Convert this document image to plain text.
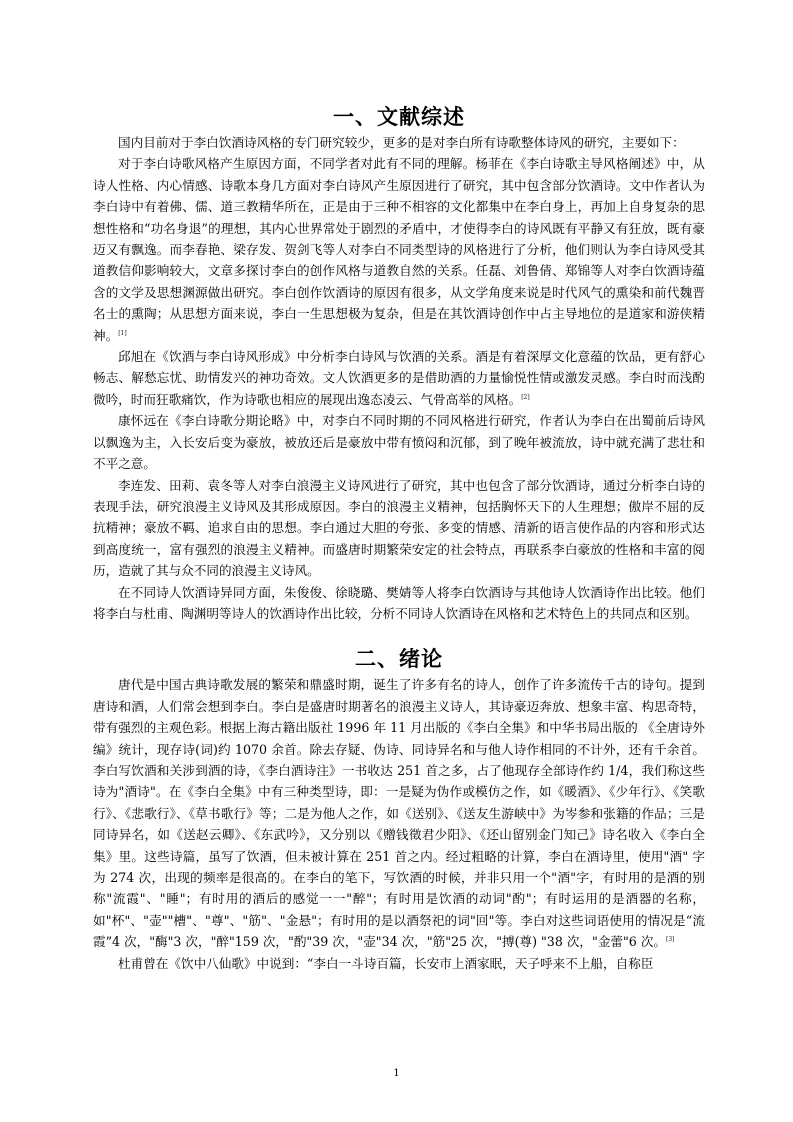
一、文献综述

国内目前对于李白饮酒诗风格的专门研究较少，更多的是对李白所有诗歌整体诗风的研究，主要如下：

对于李白诗歌风格产生原因方面，不同学者对此有不同的理解。杨菲在《李白诗歌主导风格阐述》中，从诗人性格、内心情感、诗歌本身几方面对李白诗风产生原因进行了研究，其中包含部分饮酒诗。文中作者认为李白诗中有着佛、儒、道三教精华所在，正是由于三种不相容的文化都集中在李白身上，再加上自身复杂的思想性格和“功名身退”的理想，其内心世界常处于剧烈的矛盾中，才使得李白的诗风既有平静又有狂放，既有豪迈又有飘逸。而李春艳、梁存发、贺剑飞等人对李白不同类型诗的风格进行了分析，他们则认为李白诗风受其道教信仰影响较大，文章多探讨李白的创作风格与道教自然的关系。任磊、刘鲁倩、郑锦等人对李白饮酒诗蕴含的文学及思想渊源做出研究。李白创作饮酒诗的原因有很多，从文学角度来说是时代风气的熏染和前代魏晋名士的熏陶；从思想方面来说，李白一生思想极为复杂，但是在其饮酒诗创作中占主导地位的是道家和游侠精神。[1]

邱旭在《饮酒与李白诗风形成》中分析李白诗风与饮酒的关系。酒是有着深厚文化意蕴的饮品，更有舒心畅志、解愁忘忧、助情发兴的神功奇效。文人饮酒更多的是借助酒的力量愉悦性情或激发灵感。李白时而浅酌微吟，时而狂歌痛饮，作为诗歌也相应的展现出逸态凌云、气骨高举的风格。[2]

康怀远在《李白诗歌分期论略》中，对李白不同时期的不同风格进行研究，作者认为李白在出蜀前后诗风以飘逸为主，入长安后变为豪放，被放还后是豪放中带有愤闷和沉郁，到了晚年被流放，诗中就充满了悲壮和不平之意。

李连发、田莉、袁冬等人对李白浪漫主义诗风进行了研究，其中也包含了部分饮酒诗，通过分析李白诗的表现手法，研究浪漫主义诗风及其形成原因。李白的浪漫主义精神，包括胸怀天下的人生理想；傲岸不屈的反抗精神；豪放不羁、追求自由的思想。李白通过大胆的夸张、多变的情感、清新的语言使作品的内容和形式达到高度统一，富有强烈的浪漫主义精神。而盛唐时期繁荣安定的社会特点，再联系李白豪放的性格和丰富的阅历，造就了其与众不同的浪漫主义诗风。

在不同诗人饮酒诗异同方面，朱俊俊、徐晓璐、樊婧等人将李白饮酒诗与其他诗人饮酒诗作出比较。他们将李白与杜甫、陶渊明等诗人的饮酒诗作出比较，分析不同诗人饮酒诗在风格和艺术特色上的共同点和区别。

二、绪论

唐代是中国古典诗歌发展的繁荣和鼎盛时期，诞生了许多有名的诗人，创作了许多流传千古的诗句。提到唐诗和酒，人们常会想到李白。李白是盛唐时期著名的浪漫主义诗人，其诗豪迈奔放、想象丰富、构思奇特，带有强烈的主观色彩。根据上海古籍出版社 1996 年 11 月出版的《李白全集》和中华书局出版的 《全唐诗外编》统计，现存诗(词)约 1070 余首。除去存疑、伪诗、同诗异名和与他人诗作相同的不计外，还有千余首。李白写饮酒和关涉到酒的诗，《李白酒诗注》一书收达 251 首之多，占了他现存全部诗作约 1/4，我们称这些诗为"酒诗"。在《李白全集》中有三种类型诗，即：一是疑为伪作或模仿之作，如《暖酒》、《少年行》、《笑歌行》、《悲歌行》、《草书歌行》等；二是为他人之作，如《送别》、《送友生游峡中》为岑参和张籍的作品；三是同诗异名，如《送赵云卿》、《东武吟》，又分别以《赠钱徵君少阳》、《还山留别金门知己》诗名收入《李白全集》里。这些诗篇，虽写了饮酒，但未被计算在 251 首之内。经过粗略的计算，李白在酒诗里，使用"酒" 字为 274 次，出现的频率是很高的。在李白的笔下，写饮酒的时候，并非只用一个"酒"字，有时用的是酒的别称"流霞"、"睡"；有时用的酒后的感觉一一"醉"；有时用是饮酒的动词"酌"；有时运用的是酒器的名称，如"杯"、"壶""槽"、"尊"、"筋"、"金悬"；有时用的是以酒祭祀的词"回"等。李白对这些词语使用的情况是“流霞”4 次，"酶"3 次，"醉"159 次，"酌"39 次，"壶"34 次，"筋"25 次，"搏(尊) "38 次，"金蕾"6 次。[3]

杜甫曾在《饮中八仙歌》中说到：“李白一斗诗百篇，长安市上酒家眠，天子呼来不上船，自称臣

1
